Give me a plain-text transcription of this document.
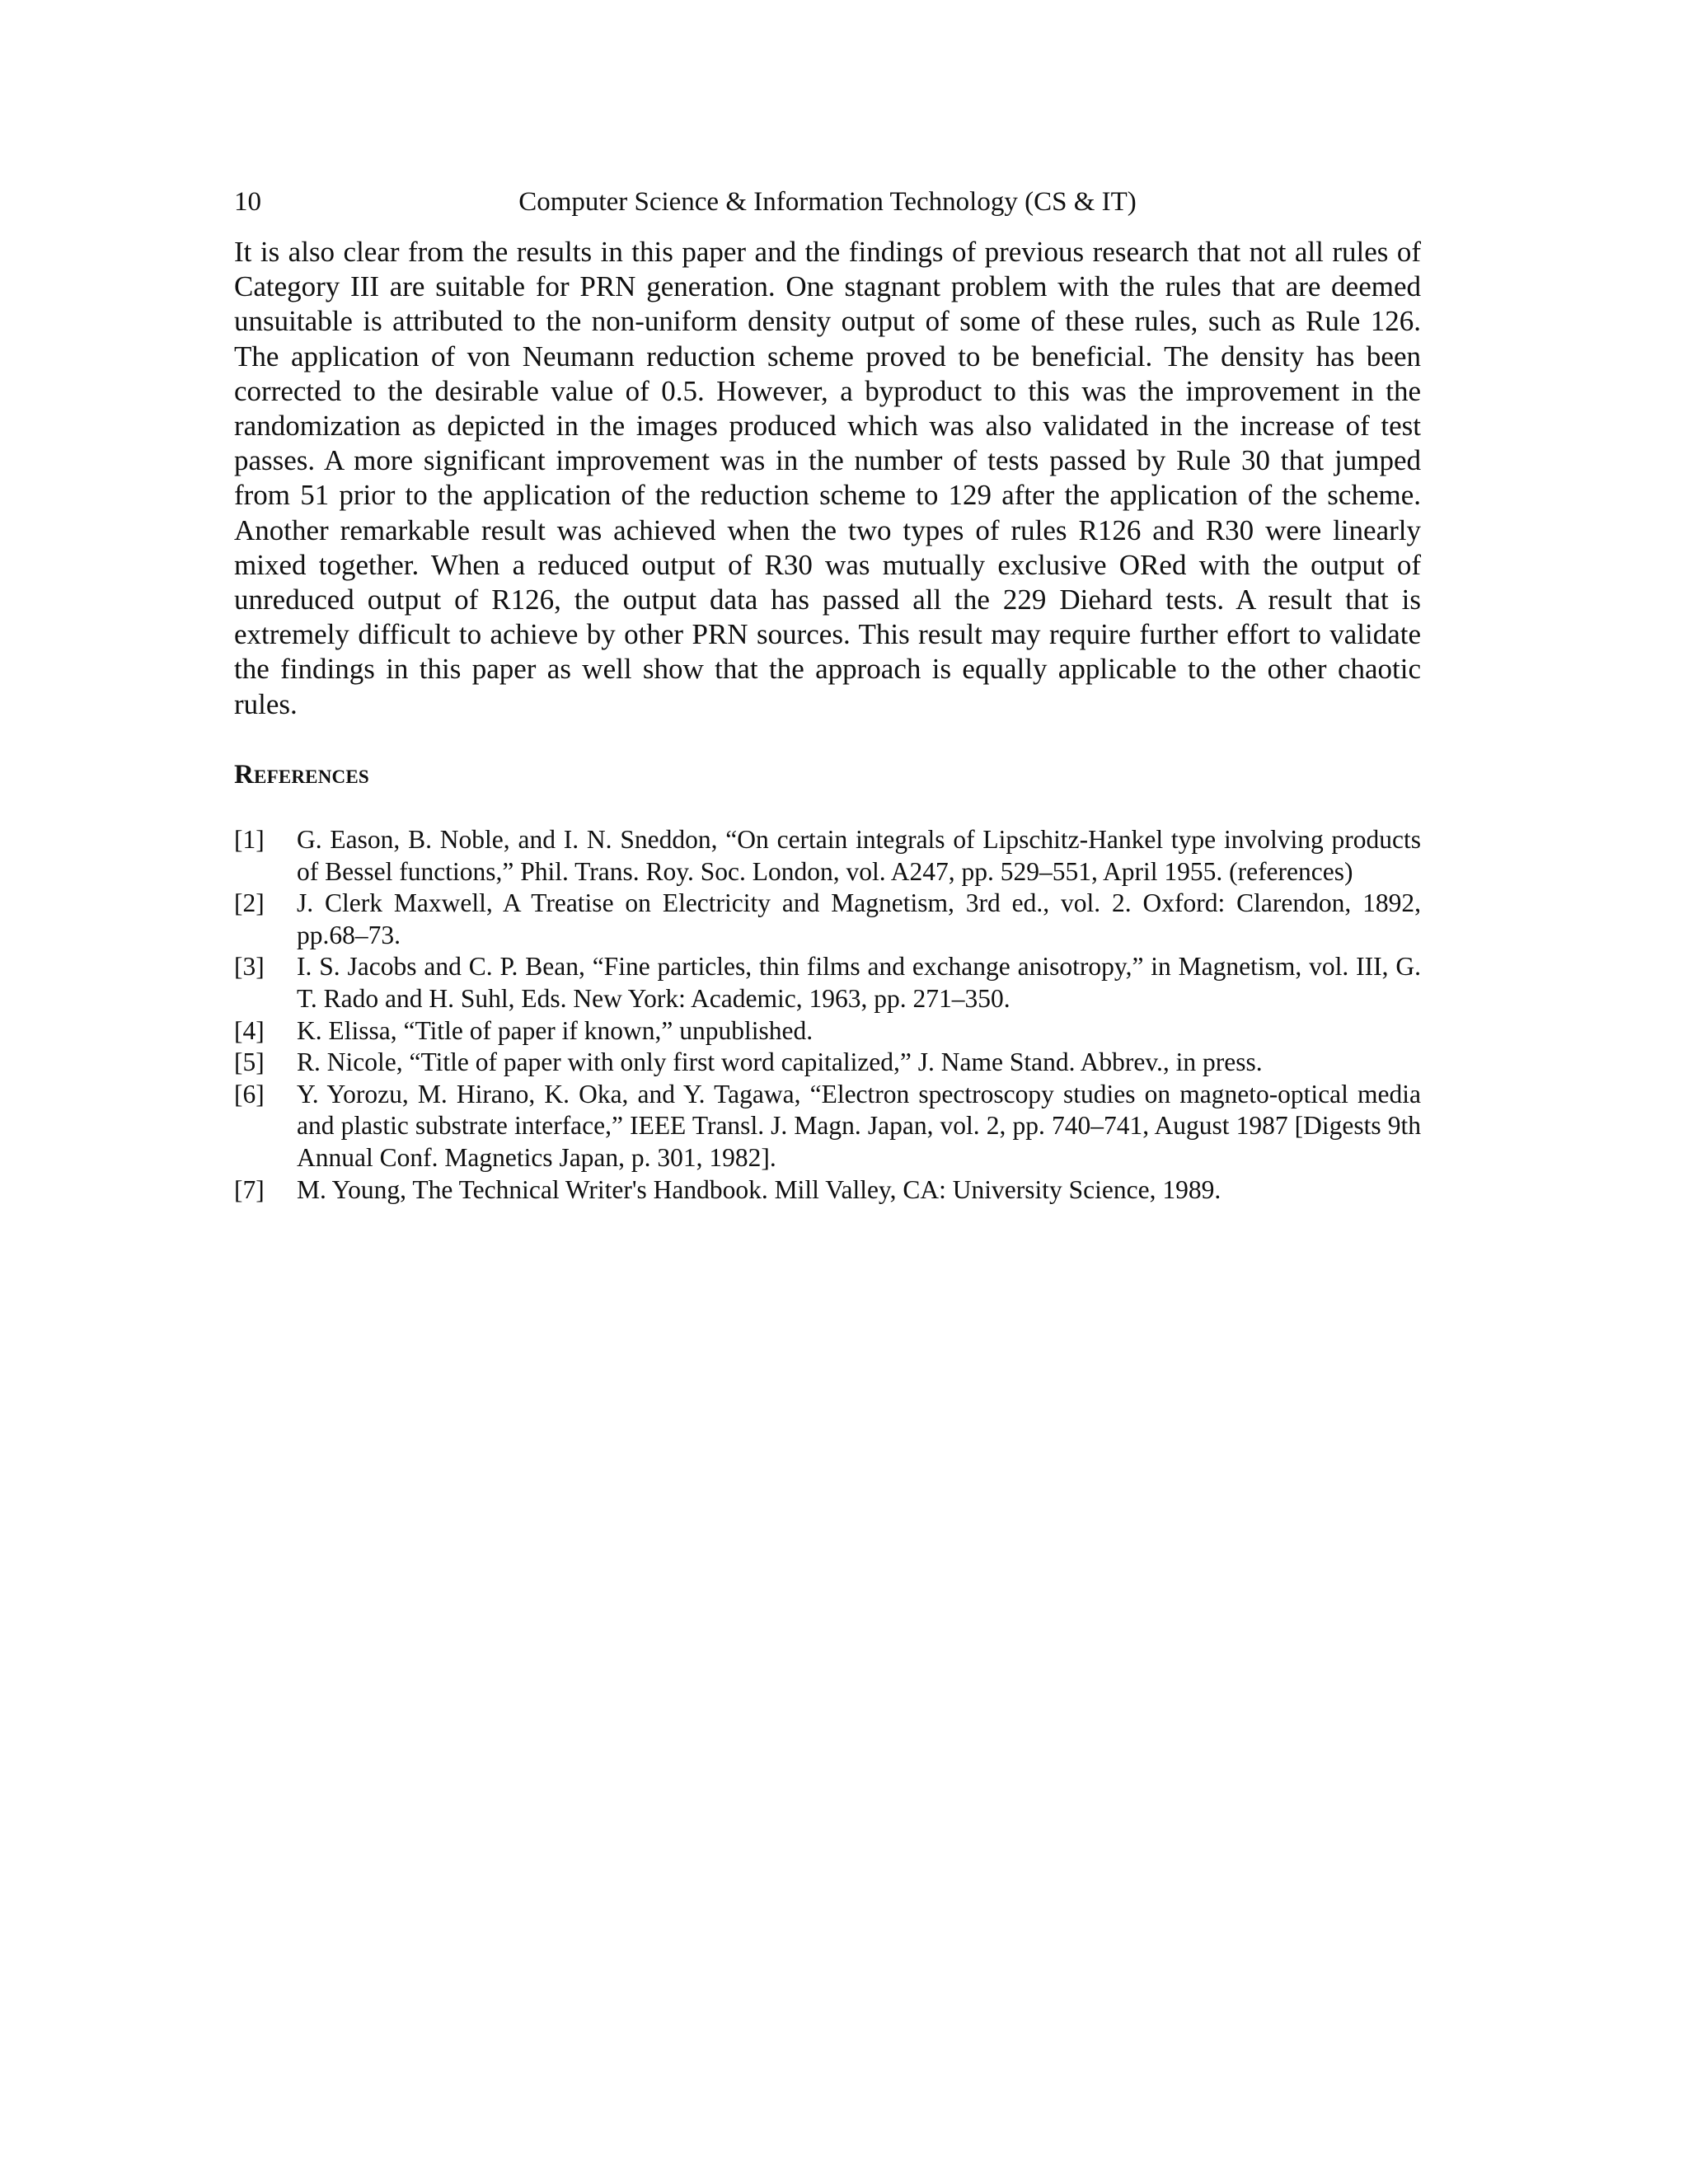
10	Computer Science & Information Technology (CS & IT)

It is also clear from the results in this paper and the findings of previous research that not all rules of Category III are suitable for PRN generation. One stagnant problem with the rules that are deemed unsuitable is attributed to the non-uniform density output of some of these rules, such as Rule 126. The application of von Neumann reduction scheme proved to be beneficial. The density has been corrected to the desirable value of 0.5. However, a byproduct to this was the improvement in the randomization as depicted in the images produced which was also validated in the increase of test passes. A more significant improvement was in the number of tests passed by Rule 30 that jumped from 51 prior to the application of the reduction scheme to 129 after the application of the scheme. Another remarkable result was achieved when the two types of rules R126 and R30 were linearly mixed together. When a reduced output of R30 was mutually exclusive ORed with the output of unreduced output of R126, the output data has passed all the 229 Diehard tests. A result that is extremely difficult to achieve by other PRN sources. This result may require further effort to validate the findings in this paper as well show that the approach is equally applicable to the other chaotic rules.

References
[1]	G. Eason, B. Noble, and I. N. Sneddon, “On certain integrals of Lipschitz-Hankel type involving products of Bessel functions,” Phil. Trans. Roy. Soc. London, vol. A247, pp. 529–551, April 1955. (references)
[2]	J. Clerk Maxwell, A Treatise on Electricity and Magnetism, 3rd ed., vol. 2. Oxford: Clarendon, 1892, pp.68–73.
[3]	I. S. Jacobs and C. P. Bean, “Fine particles, thin films and exchange anisotropy,” in Magnetism, vol. III, G. T. Rado and H. Suhl, Eds. New York: Academic, 1963, pp. 271–350.
[4]	K. Elissa, “Title of paper if known,” unpublished.
[5]	R. Nicole, “Title of paper with only first word capitalized,” J. Name Stand. Abbrev., in press.
[6]	Y. Yorozu, M. Hirano, K. Oka, and Y. Tagawa, “Electron spectroscopy studies on magneto-optical media and plastic substrate interface,” IEEE Transl. J. Magn. Japan, vol. 2, pp. 740–741, August 1987 [Digests 9th Annual Conf. Magnetics Japan, p. 301, 1982].
[7]	M. Young, The Technical Writer's Handbook. Mill Valley, CA: University Science, 1989.
